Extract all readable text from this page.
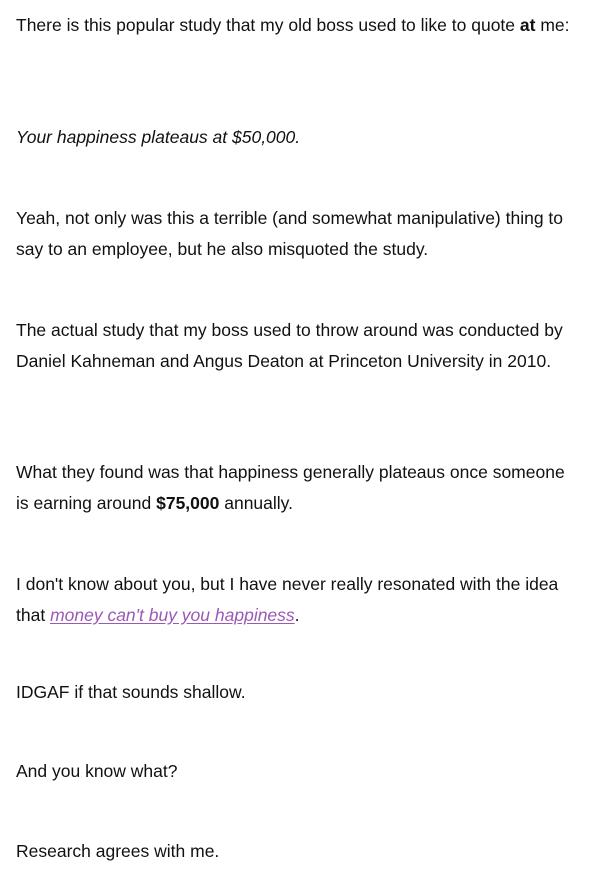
There is this popular study that my old boss used to like to quote at me:

Your happiness plateaus at $50,000.

Yeah, not only was this a terrible (and somewhat manipulative) thing to say to an employee, but he also misquoted the study.

The actual study that my boss used to throw around was conducted by Daniel Kahneman and Angus Deaton at Princeton University in 2010.

What they found was that happiness generally plateaus once someone is earning around $75,000 annually.

I don't know about you, but I have never really resonated with the idea that money can't buy you happiness.

IDGAF if that sounds shallow.

And you know what?

Research agrees with me.
